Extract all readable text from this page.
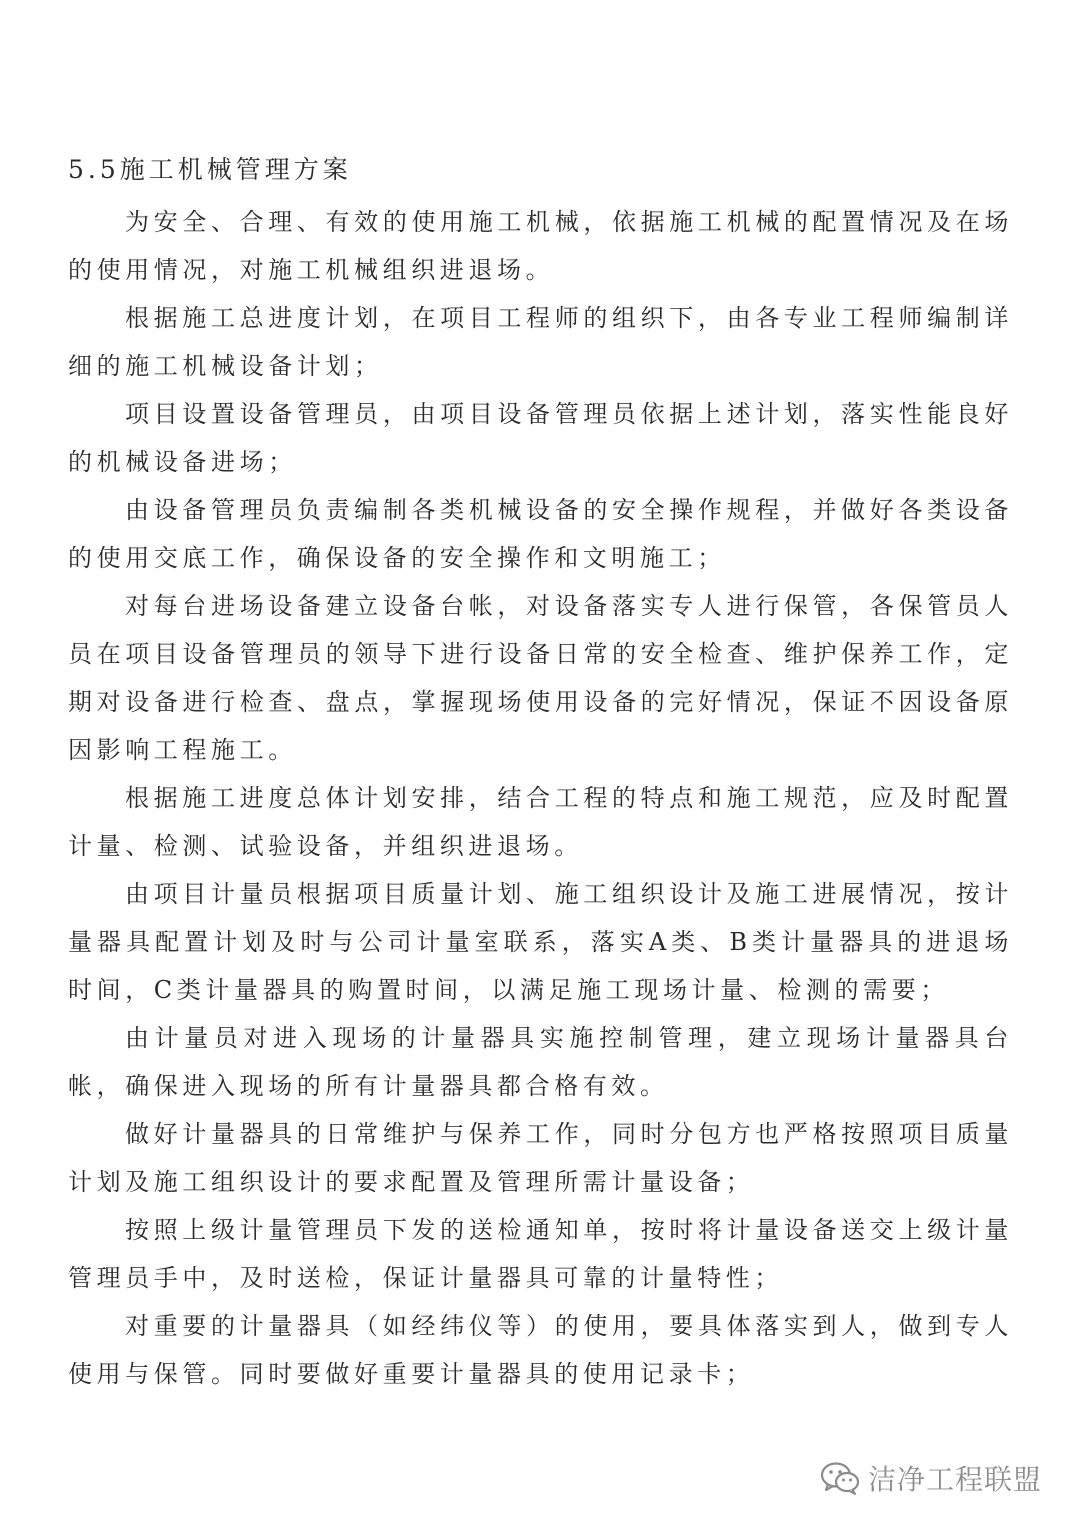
5.5施工机械管理方案

为安全、合理、有效的使用施工机械，依据施工机械的配置情况及在场的使用情况，对施工机械组织进退场。

根据施工总进度计划，在项目工程师的组织下，由各专业工程师编制详细的施工机械设备计划；

项目设置设备管理员，由项目设备管理员依据上述计划，落实性能良好的机械设备进场；

由设备管理员负责编制各类机械设备的安全操作规程，并做好各类设备的使用交底工作，确保设备的安全操作和文明施工；

对每台进场设备建立设备台帐，对设备落实专人进行保管，各保管员人员在项目设备管理员的领导下进行设备日常的安全检查、维护保养工作，定期对设备进行检查、盘点，掌握现场使用设备的完好情况，保证不因设备原因影响工程施工。

根据施工进度总体计划安排，结合工程的特点和施工规范，应及时配置计量、检测、试验设备，并组织进退场。

由项目计量员根据项目质量计划、施工组织设计及施工进展情况，按计量器具配置计划及时与公司计量室联系，落实A类、B类计量器具的进退场时间，C类计量器具的购置时间，以满足施工现场计量、检测的需要；

由计量员对进入现场的计量器具实施控制管理，建立现场计量器具台帐，确保进入现场的所有计量器具都合格有效。

做好计量器具的日常维护与保养工作，同时分包方也严格按照项目质量计划及施工组织设计的要求配置及管理所需计量设备；

按照上级计量管理员下发的送检通知单，按时将计量设备送交上级计量管理员手中，及时送检，保证计量器具可靠的计量特性；

对重要的计量器具（如经纬仪等）的使用，要具体落实到人，做到专人使用与保管。同时要做好重要计量器具的使用记录卡；

洁净工程联盟
